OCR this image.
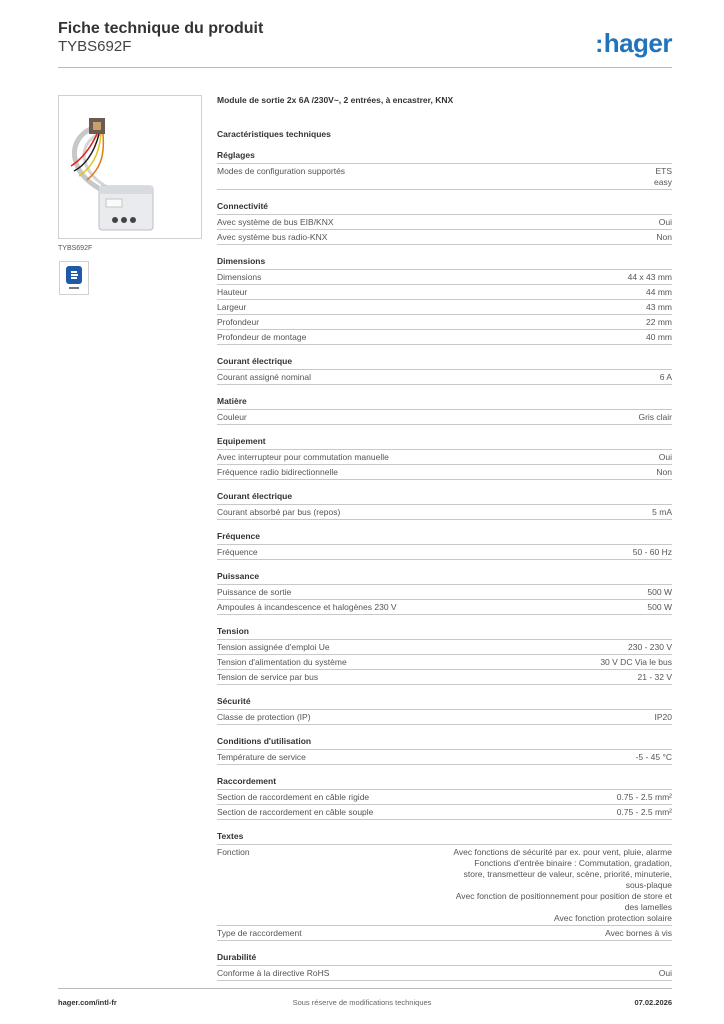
Fiche technique du produit
TYBS692F	:hager
TYBS692F
Module de sortie 2x 6A /230V~, 2 entrées, à encastrer, KNX
Caractéristiques techniques
Réglages
Modes de configuration supportés	ETS
easy
Connectivité
Avec système de bus EIB/KNX	Oui
Avec système bus radio-KNX	Non
Dimensions
Dimensions	44 x 43 mm
Hauteur	44 mm
Largeur	43 mm
Profondeur	22 mm
Profondeur de montage	40 mm
Courant électrique
Courant assigné nominal	6 A
Matière
Couleur	Gris clair
Equipement
Avec interrupteur pour commutation manuelle	Oui
Fréquence radio bidirectionnelle	Non
Courant électrique
Courant absorbé par bus (repos)	5 mA
Fréquence
Fréquence	50 - 60 Hz
Puissance
Puissance de sortie	500 W
Ampoules à incandescence et halogènes 230 V	500 W
Tension
Tension assignée d'emploi Ue	230 - 230 V
Tension d'alimentation du système	30 V DC Via le bus
Tension de service par bus	21 - 32 V
Sécurité
Classe de protection (IP)	IP20
Conditions d'utilisation
Température de service	-5 - 45 °C
Raccordement
Section de raccordement en câble rigide	0.75 - 2.5 mm²
Section de raccordement en câble souple	0.75 - 2.5 mm²
Textes
Fonction	Avec fonctions de sécurité par ex. pour vent, pluie, alarme
Fonctions d'entrée binaire : Commutation, gradation,
store, transmetteur de valeur, scène, priorité, minuterie,
sous-plaque
Avec fonction de positionnement pour position de store et
des lamelles
Avec fonction protection solaire
Type de raccordement	Avec bornes à vis
Durabilité
Conforme à la directive RoHS	Oui
hager.com/intl-fr	Sous réserve de modifications techniques	07.02.2026
